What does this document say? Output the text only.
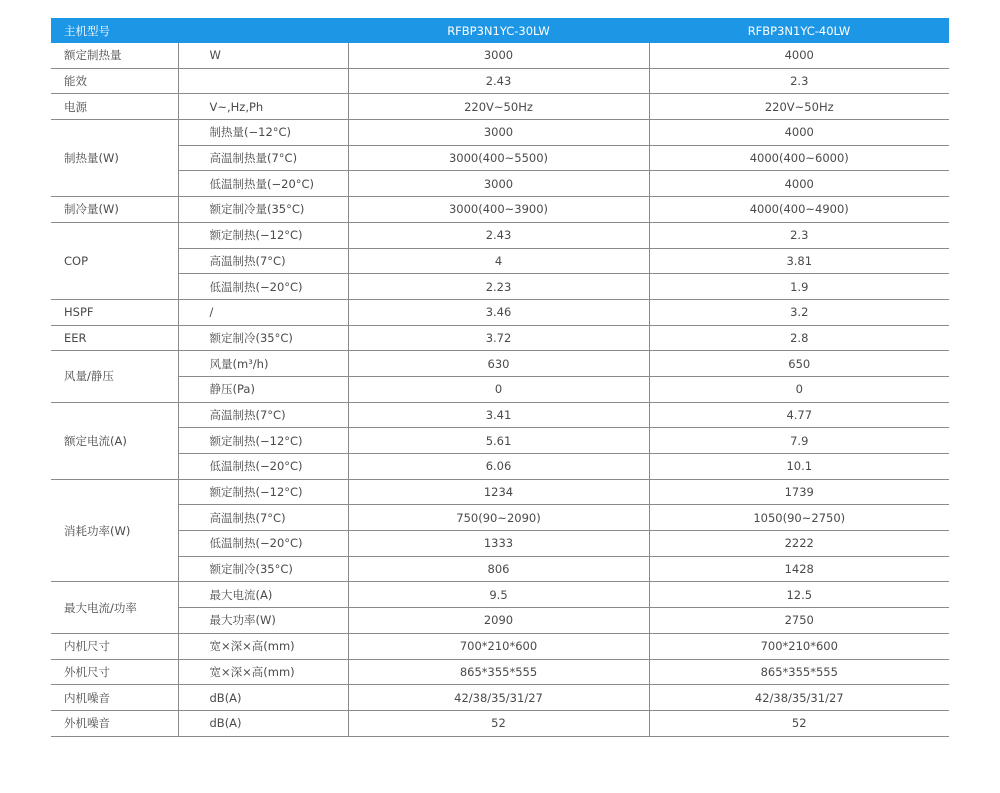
主机型号		RFBP3N1YC-30LW	RFBP3N1YC-40LW
额定制热量	W	3000	4000
能效		2.43	2.3
电源	V~,Hz,Ph	220V~50Hz	220V~50Hz
制热量(W)	制热量(−12°C)	3000	4000
	高温制热量(7°C)	3000(400~5500)	4000(400~6000)
	低温制热量(−20°C)	3000	4000
制冷量(W)	额定制冷量(35°C)	3000(400~3900)	4000(400~4900)
COP	额定制热(−12°C)	2.43	2.3
	高温制热(7°C)	4	3.81
	低温制热(−20°C)	2.23	1.9
HSPF	/	3.46	3.2
EER	额定制冷(35°C)	3.72	2.8
风量/静压	风量(m³/h)	630	650
	静压(Pa)	0	0
额定电流(A)	高温制热(7°C)	3.41	4.77
	额定制热(−12°C)	5.61	7.9
	低温制热(−20°C)	6.06	10.1
消耗功率(W)	额定制热(−12°C)	1234	1739
	高温制热(7°C)	750(90~2090)	1050(90~2750)
	低温制热(−20°C)	1333	2222
	额定制冷(35°C)	806	1428
最大电流/功率	最大电流(A)	9.5	12.5
	最大功率(W)	2090	2750
内机尺寸	宽×深×高(mm)	700*210*600	700*210*600
外机尺寸	宽×深×高(mm)	865*355*555	865*355*555
内机噪音	dB(A)	42/38/35/31/27	42/38/35/31/27
外机噪音	dB(A)	52	52
